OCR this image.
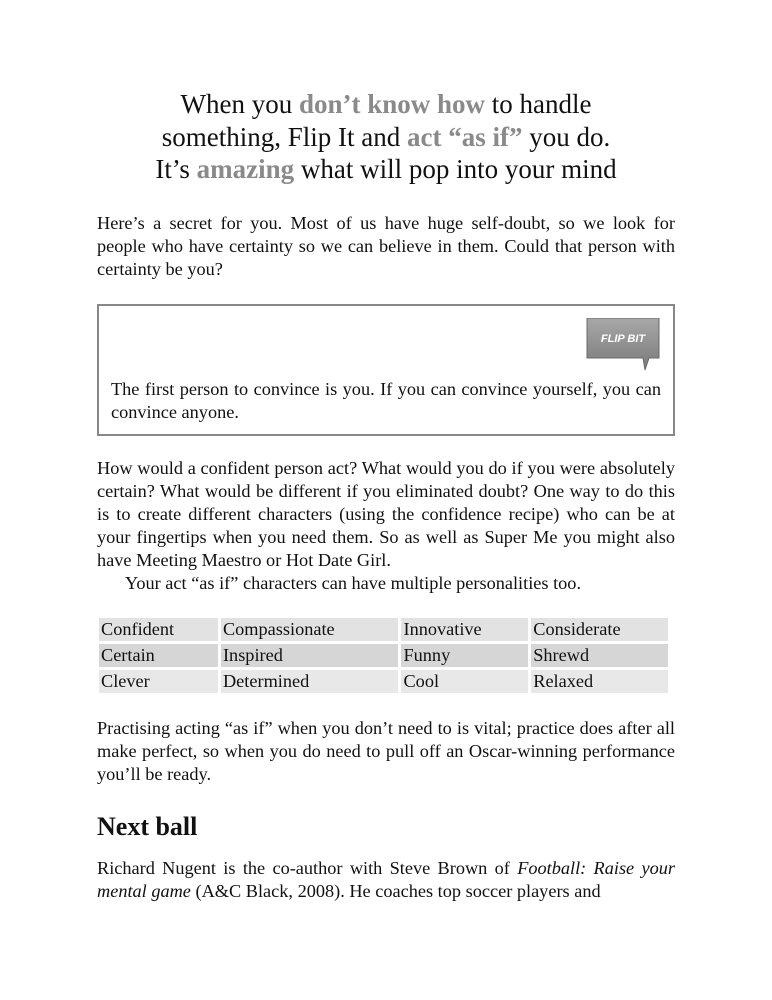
When you don’t know how to handle
something, Flip It and act “as if” you do.
It’s amazing what will pop into your mind

Here’s a secret for you. Most of us have huge self-doubt, so we look for people who have certainty so we can believe in them. Could that person with certainty be you?

FLIP BIT

The first person to convince is you. If you can convince yourself, you can convince anyone.

How would a confident person act? What would you do if you were absolutely certain? What would be different if you eliminated doubt? One way to do this is to create different characters (using the confidence recipe) who can be at your fingertips when you need them. So as well as Super Me you might also have Meeting Maestro or Hot Date Girl.

Your act “as if” characters can have multiple personalities too.

Confident	Compassionate	Innovative	Considerate
Certain	Inspired	Funny	Shrewd
Clever	Determined	Cool	Relaxed

Practising acting “as if” when you don’t need to is vital; practice does after all make perfect, so when you do need to pull off an Oscar-winning performance you’ll be ready.

Next ball

Richard Nugent is the co-author with Steve Brown of Football: Raise your mental game (A&C Black, 2008). He coaches top soccer players and
